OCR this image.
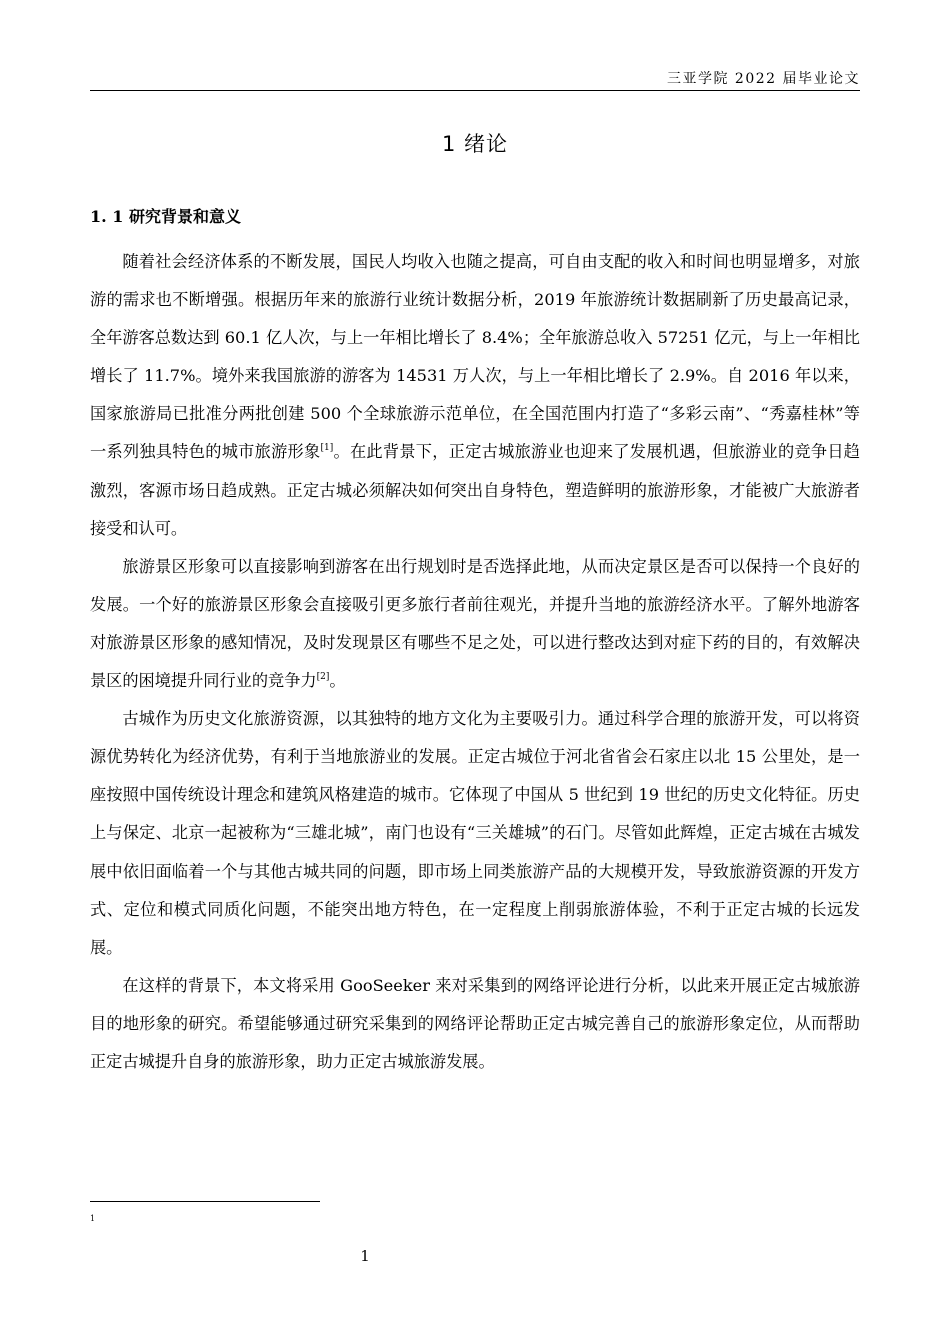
三亚学院 2022 届毕业论文
1 绪论
1. 1 研究背景和意义

随着社会经济体系的不断发展，国民人均收入也随之提高，可自由支配的收入和时间也明显增多，对旅游的需求也不断增强。根据历年来的旅游行业统计数据分析，2019 年旅游统计数据刷新了历史最高记录，全年游客总数达到 60.1 亿人次，与上一年相比增长了 8.4%；全年旅游总收入 57251 亿元，与上一年相比增长了 11.7%。境外来我国旅游的游客为 14531 万人次，与上一年相比增长了 2.9%。自 2016 年以来，国家旅游局已批准分两批创建 500 个全球旅游示范单位，在全国范围内打造了“多彩云南”、“秀嘉桂林”等一系列独具特色的城市旅游形象[1]。在此背景下，正定古城旅游业也迎来了发展机遇，但旅游业的竞争日趋激烈，客源市场日趋成熟。正定古城必须解决如何突出自身特色，塑造鲜明的旅游形象，才能被广大旅游者接受和认可。

旅游景区形象可以直接影响到游客在出行规划时是否选择此地，从而决定景区是否可以保持一个良好的发展。一个好的旅游景区形象会直接吸引更多旅行者前往观光，并提升当地的旅游经济水平。了解外地游客对旅游景区形象的感知情况，及时发现景区有哪些不足之处，可以进行整改达到对症下药的目的，有效解决景区的困境提升同行业的竞争力[2]。

古城作为历史文化旅游资源，以其独特的地方文化为主要吸引力。通过科学合理的旅游开发，可以将资源优势转化为经济优势，有利于当地旅游业的发展。正定古城位于河北省省会石家庄以北 15 公里处，是一座按照中国传统设计理念和建筑风格建造的城市。它体现了中国从 5 世纪到 19 世纪的历史文化特征。历史上与保定、北京一起被称为“三雄北城”，南门也设有“三关雄城”的石门。尽管如此辉煌，正定古城在古城发展中依旧面临着一个与其他古城共同的问题，即市场上同类旅游产品的大规模开发，导致旅游资源的开发方式、定位和模式同质化问题，不能突出地方特色，在一定程度上削弱旅游体验，不利于正定古城的长远发展。

在这样的背景下，本文将采用 GooSeeker 来对采集到的网络评论进行分析，以此来开展正定古城旅游目的地形象的研究。希望能够通过研究采集到的网络评论帮助正定古城完善自己的旅游形象定位，从而帮助正定古城提升自身的旅游形象，助力正定古城旅游发展。

1
1
